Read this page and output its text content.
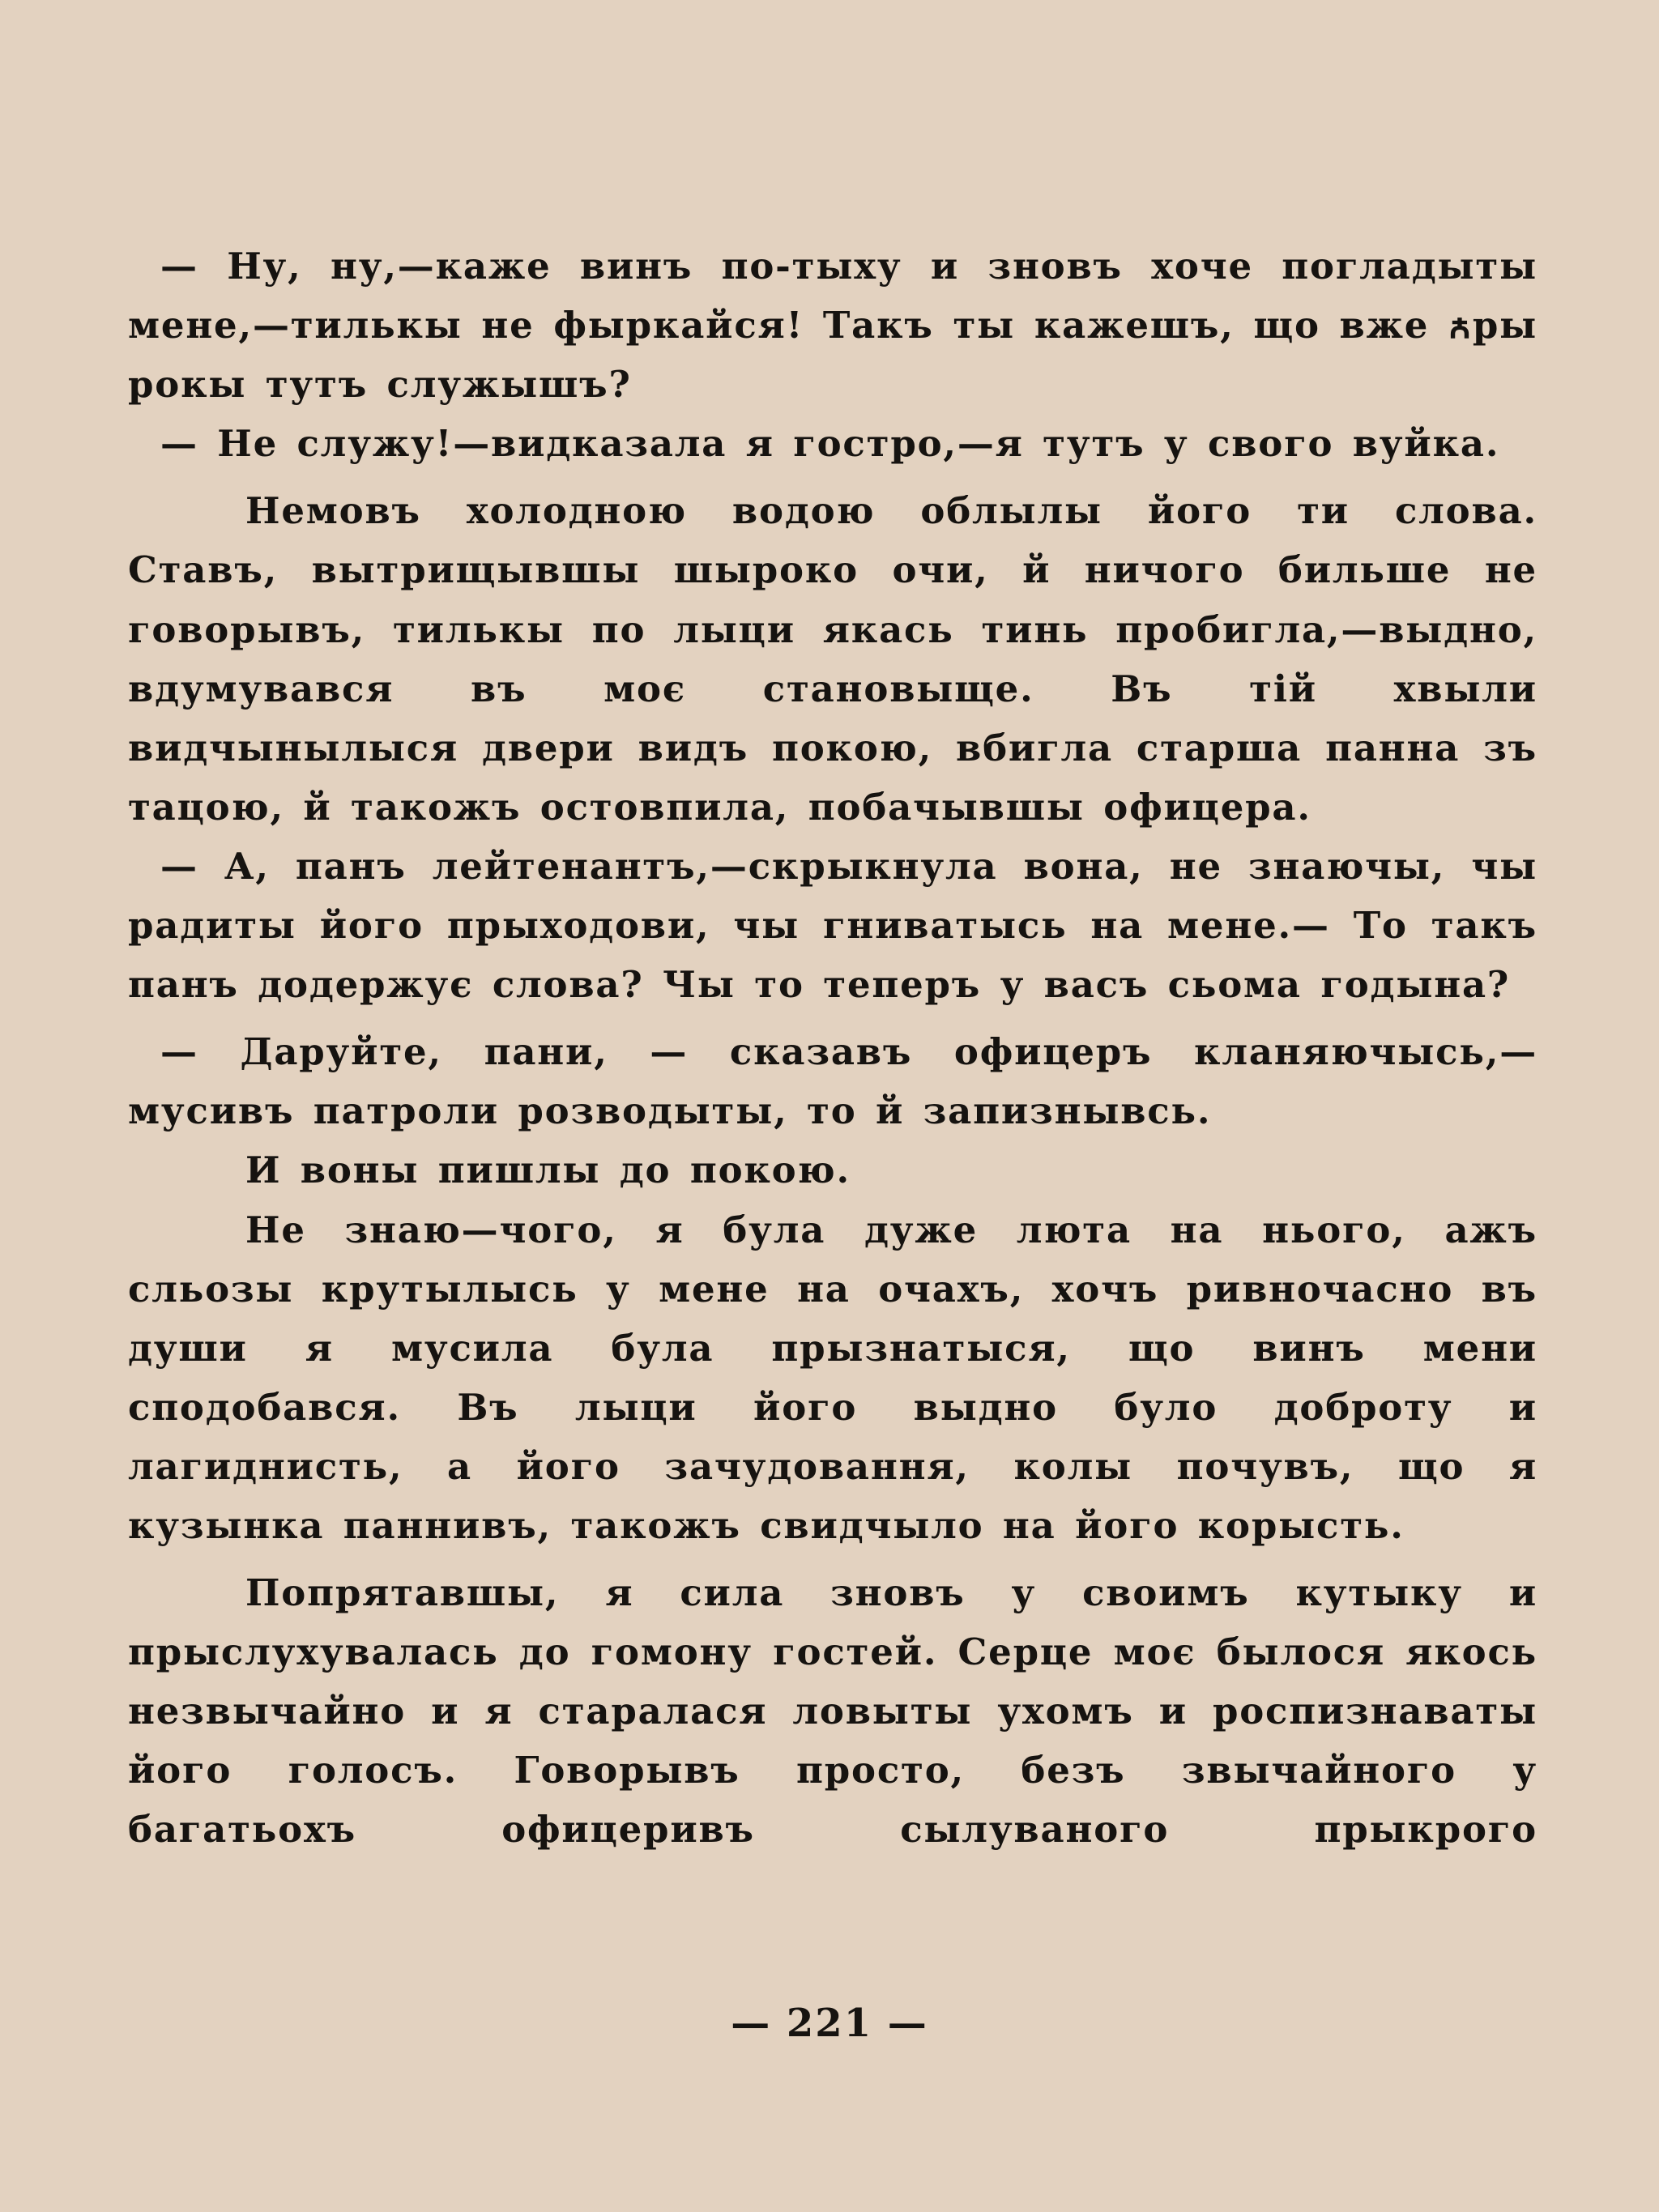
— Ну, ну,—каже винъ по-тыху и зновъ хоче погладыты мене,—тилькы не фыркайся! Такъ ты кажешъ, що вже ꙉры рокы тутъ служышъ?

— Не служу!—видказала я гостро,—я тутъ у свого вуйка.

Немовъ холодною водою облылы його ти слова. Ставъ, вытрищывшы шыроко очи, й ничого бильше не говорывъ, тилькы по лыци якась тинь пробигла,—выдно, вдумувався въ моє становыще. Въ тій хвыли видчынылыся двери видъ покою, вбигла старша панна зъ тацою, й такожъ остовпила, побачывшы офицера.

— А, панъ лейтенантъ,—скрыкнула вона, не знаючы, чы радиты його прыходови, чы гниватысь на мене.— То такъ панъ додержує слова? Чы то теперъ у васъ сьома годына?

— Даруйте, пани, — сказавъ офицеръ кланяючысь,— мусивъ патроли розводыты, то й запизнывсь.

И воны пишлы до покою.

Не знаю—чого, я була дуже люта на нього, ажъ сльозы крутылысь у мене на очахъ, хочъ ривночасно въ души я мусила була прызнатыся, що винъ мени сподобався. Въ лыци його выдно було доброту и лагиднисть, а його зачудовання, колы почувъ, що я кузынка паннивъ, такожъ свидчыло на його корысть.

Попрятавшы, я сила зновъ у своимъ кутыку и прыслухувалась до гомону гостей. Серце моє былося якось незвычайно и я старалася ловыты ухомъ и роспизнаваты його голосъ. Говорывъ просто, безъ звычайного у багатьохъ офицеривъ сылуваного прыкрого

— 221 —
